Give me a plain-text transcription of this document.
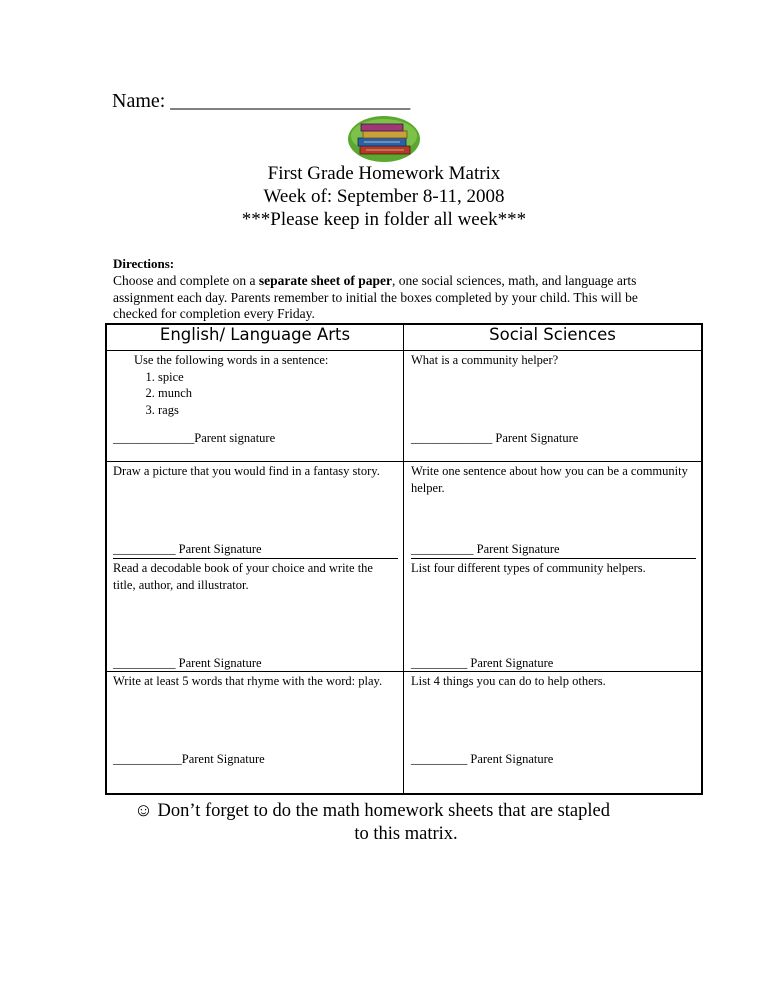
Name: ________________________
First Grade Homework Matrix
Week of: September 8-11, 2008
***Please keep in folder all week***
Directions:
Choose and complete on a separate sheet of paper, one social sciences, math, and language arts assignment each day. Parents remember to initial the boxes completed by your child. This will be checked for completion every Friday.
English/ Language Arts	Social Sciences
Use the following words in a sentence:
1. spice
2. munch
3. rags
_____________Parent signature
What is a community helper?
_____________ Parent Signature
Draw a picture that you would find in a fantasy story.
__________ Parent Signature
Write one sentence about how you can be a community helper.
__________ Parent Signature
Read a decodable book of your choice and write the title, author, and illustrator.
__________ Parent Signature
List four different types of community helpers.
_________ Parent Signature
Write at least 5 words that rhyme with the word: play.
___________Parent Signature
List 4 things you can do to help others.
_________ Parent Signature
☺ Don’t forget to do the math homework sheets that are stapled
to this matrix.
